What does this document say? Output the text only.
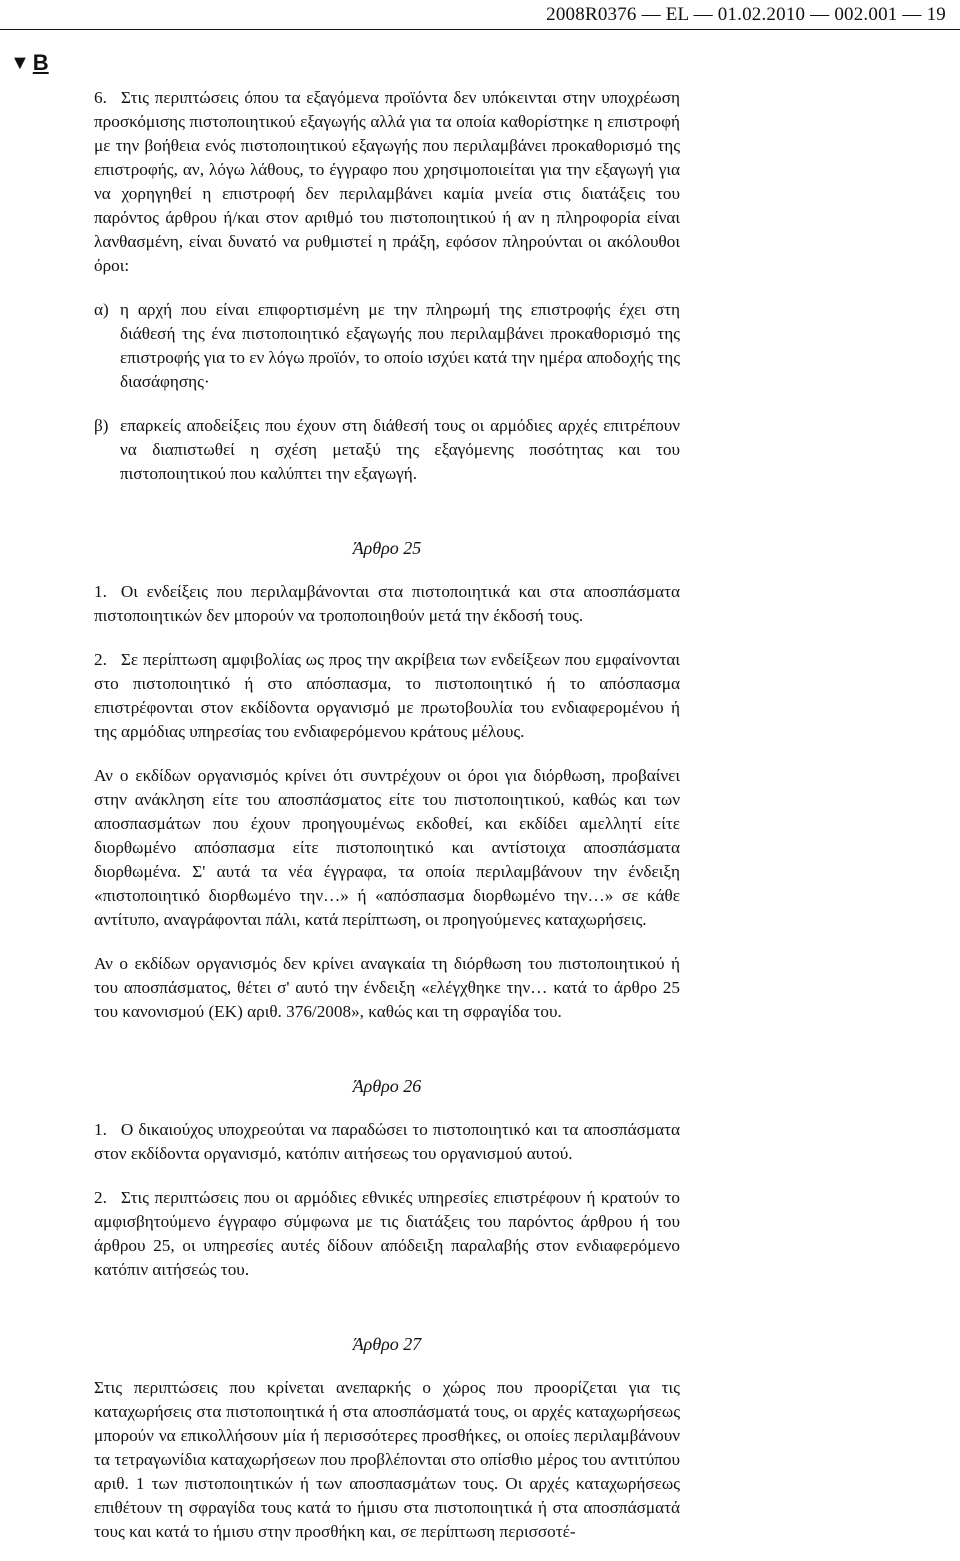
2008R0376 — EL — 01.02.2010 — 002.001 — 19
▼ B

6. Στις περιπτώσεις όπου τα εξαγόμενα προϊόντα δεν υπόκεινται στην υποχρέωση προσκόμισης πιστοποιητικού εξαγωγής αλλά για τα οποία καθορίστηκε η επιστροφή με την βοήθεια ενός πιστοποιητικού εξαγωγής που περιλαμβάνει προκαθορισμό της επιστροφής, αν, λόγω λάθους, το έγγραφο που χρησιμοποιείται για την εξαγωγή για να χορηγηθεί η επιστροφή δεν περιλαμβάνει καμία μνεία στις διατάξεις του παρόντος άρθρου ή/και στον αριθμό του πιστοποιητικού ή αν η πληροφορία είναι λανθασμένη, είναι δυνατό να ρυθμιστεί η πράξη, εφόσον πληρούνται οι ακόλουθοι όροι:

α) η αρχή που είναι επιφορτισμένη με την πληρωμή της επιστροφής έχει στη διάθεσή της ένα πιστοποιητικό εξαγωγής που περιλαμβάνει προκαθορισμό της επιστροφής για το εν λόγω προϊόν, το οποίο ισχύει κατά την ημέρα αποδοχής της διασάφησης·
β) επαρκείς αποδείξεις που έχουν στη διάθεσή τους οι αρμόδιες αρχές επιτρέπουν να διαπιστωθεί η σχέση μεταξύ της εξαγόμενης ποσότητας και του πιστοποιητικού που καλύπτει την εξαγωγή.

Άρθρο 25

1. Οι ενδείξεις που περιλαμβάνονται στα πιστοποιητικά και στα αποσπάσματα πιστοποιητικών δεν μπορούν να τροποποιηθούν μετά την έκδοσή τους.

2. Σε περίπτωση αμφιβολίας ως προς την ακρίβεια των ενδείξεων που εμφαίνονται στο πιστοποιητικό ή στο απόσπασμα, το πιστοποιητικό ή το απόσπασμα επιστρέφονται στον εκδίδοντα οργανισμό με πρωτοβουλία του ενδιαφερομένου ή της αρμόδιας υπηρεσίας του ενδιαφερόμενου κράτους μέλους.

Αν ο εκδίδων οργανισμός κρίνει ότι συντρέχουν οι όροι για διόρθωση, προβαίνει στην ανάκληση είτε του αποσπάσματος είτε του πιστοποιητικού, καθώς και των αποσπασμάτων που έχουν προηγουμένως εκδοθεί, και εκδίδει αμελλητί είτε διορθωμένο απόσπασμα είτε πιστοποιητικό και αντίστοιχα αποσπάσματα διορθωμένα. Σ' αυτά τα νέα έγγραφα, τα οποία περιλαμβάνουν την ένδειξη «πιστοποιητικό διορθωμένο την…» ή «απόσπασμα διορθωμένο την…» σε κάθε αντίτυπο, αναγράφονται πάλι, κατά περίπτωση, οι προηγούμενες καταχωρήσεις.

Αν ο εκδίδων οργανισμός δεν κρίνει αναγκαία τη διόρθωση του πιστοποιητικού ή του αποσπάσματος, θέτει σ' αυτό την ένδειξη «ελέγχθηκε την… κατά το άρθρο 25 του κανονισμού (ΕΚ) αριθ. 376/2008», καθώς και τη σφραγίδα του.

Άρθρο 26

1. Ο δικαιούχος υποχρεούται να παραδώσει το πιστοποιητικό και τα αποσπάσματα στον εκδίδοντα οργανισμό, κατόπιν αιτήσεως του οργανισμού αυτού.

2. Στις περιπτώσεις που οι αρμόδιες εθνικές υπηρεσίες επιστρέφουν ή κρατούν το αμφισβητούμενο έγγραφο σύμφωνα με τις διατάξεις του παρόντος άρθρου ή του άρθρου 25, οι υπηρεσίες αυτές δίδουν απόδειξη παραλαβής στον ενδιαφερόμενο κατόπιν αιτήσεώς του.

Άρθρο 27

Στις περιπτώσεις που κρίνεται ανεπαρκής ο χώρος που προορίζεται για τις καταχωρήσεις στα πιστοποιητικά ή στα αποσπάσματά τους, οι αρχές καταχωρήσεως μπορούν να επικολλήσουν μία ή περισσότερες προσθήκες, οι οποίες περιλαμβάνουν τα τετραγωνίδια καταχωρήσεων που προβλέπονται στο οπίσθιο μέρος του αντιτύπου αριθ. 1 των πιστοποιητικών ή των αποσπασμάτων τους. Οι αρχές καταχωρήσεως επιθέτουν τη σφραγίδα τους κατά το ήμισυ στα πιστοποιητικά ή στα αποσπάσματά τους και κατά το ήμισυ στην προσθήκη και, σε περίπτωση περισσοτέ-
